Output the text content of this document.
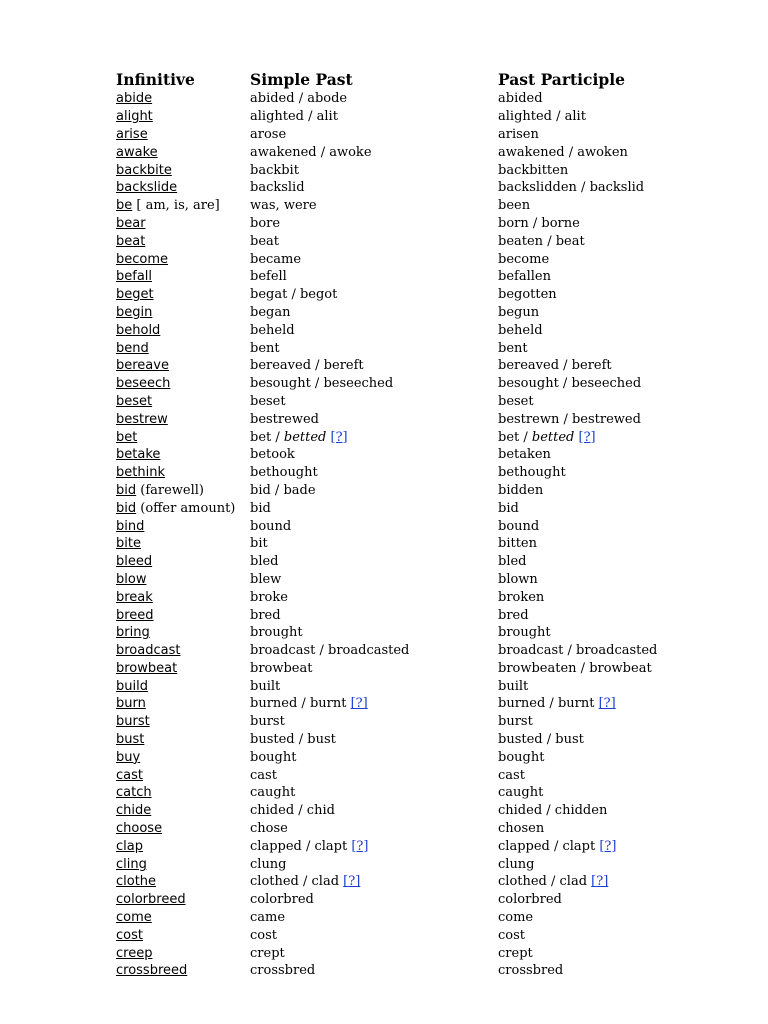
Infinitive	Simple Past	Past Participle
abide	abided / abode	abided
alight	alighted / alit	alighted / alit
arise	arose	arisen
awake	awakened / awoke	awakened / awoken
backbite	backbit	backbitten
backslide	backslid	backslidden / backslid
be [ am, is, are]	was, were	been
bear	bore	born / borne
beat	beat	beaten / beat
become	became	become
befall	befell	befallen
beget	begat / begot	begotten
begin	began	begun
behold	beheld	beheld
bend	bent	bent
bereave	bereaved / bereft	bereaved / bereft
beseech	besought / beseeched	besought / beseeched
beset	beset	beset
bestrew	bestrewed	bestrewn / bestrewed
bet	bet / betted [?]	bet / betted [?]
betake	betook	betaken
bethink	bethought	bethought
bid (farewell)	bid / bade	bidden
bid (offer amount)	bid	bid
bind	bound	bound
bite	bit	bitten
bleed	bled	bled
blow	blew	blown
break	broke	broken
breed	bred	bred
bring	brought	brought
broadcast	broadcast / broadcasted	broadcast / broadcasted
browbeat	browbeat	browbeaten / browbeat
build	built	built
burn	burned / burnt [?]	burned / burnt [?]
burst	burst	burst
bust	busted / bust	busted / bust
buy	bought	bought
cast	cast	cast
catch	caught	caught
chide	chided / chid	chided / chidden
choose	chose	chosen
clap	clapped / clapt [?]	clapped / clapt [?]
cling	clung	clung
clothe	clothed / clad [?]	clothed / clad [?]
colorbreed	colorbred	colorbred
come	came	come
cost	cost	cost
creep	crept	crept
crossbreed	crossbred	crossbred
